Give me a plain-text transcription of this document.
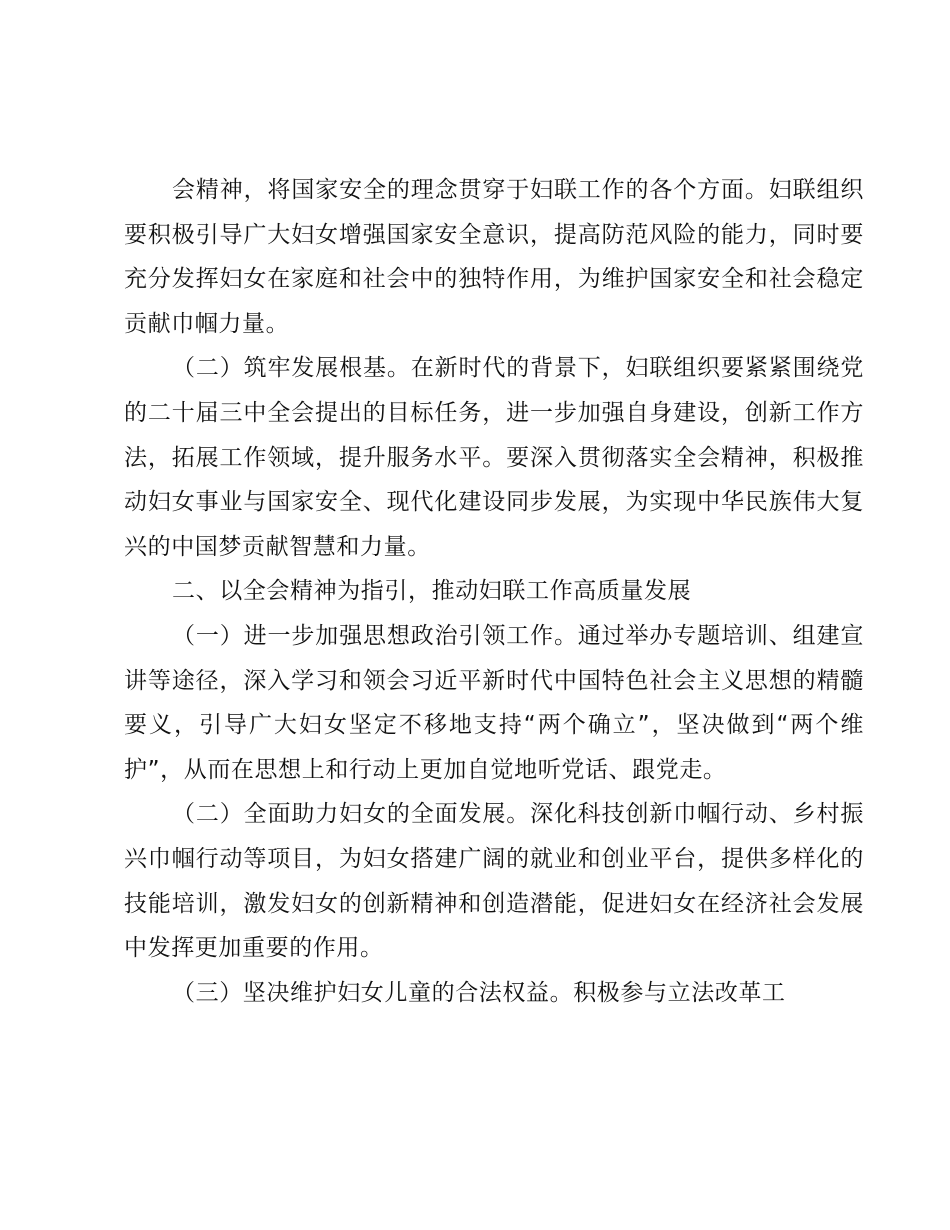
会精神，将国家安全的理念贯穿于妇联工作的各个方面。妇联组织要积极引导广大妇女增强国家安全意识，提高防范风险的能力，同时要充分发挥妇女在家庭和社会中的独特作用，为维护国家安全和社会稳定贡献巾帼力量。

（二）筑牢发展根基。在新时代的背景下，妇联组织要紧紧围绕党的二十届三中全会提出的目标任务，进一步加强自身建设，创新工作方法，拓展工作领域，提升服务水平。要深入贯彻落实全会精神，积极推动妇女事业与国家安全、现代化建设同步发展，为实现中华民族伟大复兴的中国梦贡献智慧和力量。

二、以全会精神为指引，推动妇联工作高质量发展

（一）进一步加强思想政治引领工作。通过举办专题培训、组建宣讲等途径，深入学习和领会习近平新时代中国特色社会主义思想的精髓要义，引导广大妇女坚定不移地支持“两个确立”，坚决做到“两个维护”，从而在思想上和行动上更加自觉地听党话、跟党走。

（二）全面助力妇女的全面发展。深化科技创新巾帼行动、乡村振兴巾帼行动等项目，为妇女搭建广阔的就业和创业平台，提供多样化的技能培训，激发妇女的创新精神和创造潜能，促进妇女在经济社会发展中发挥更加重要的作用。

（三）坚决维护妇女儿童的合法权益。积极参与立法改革工
